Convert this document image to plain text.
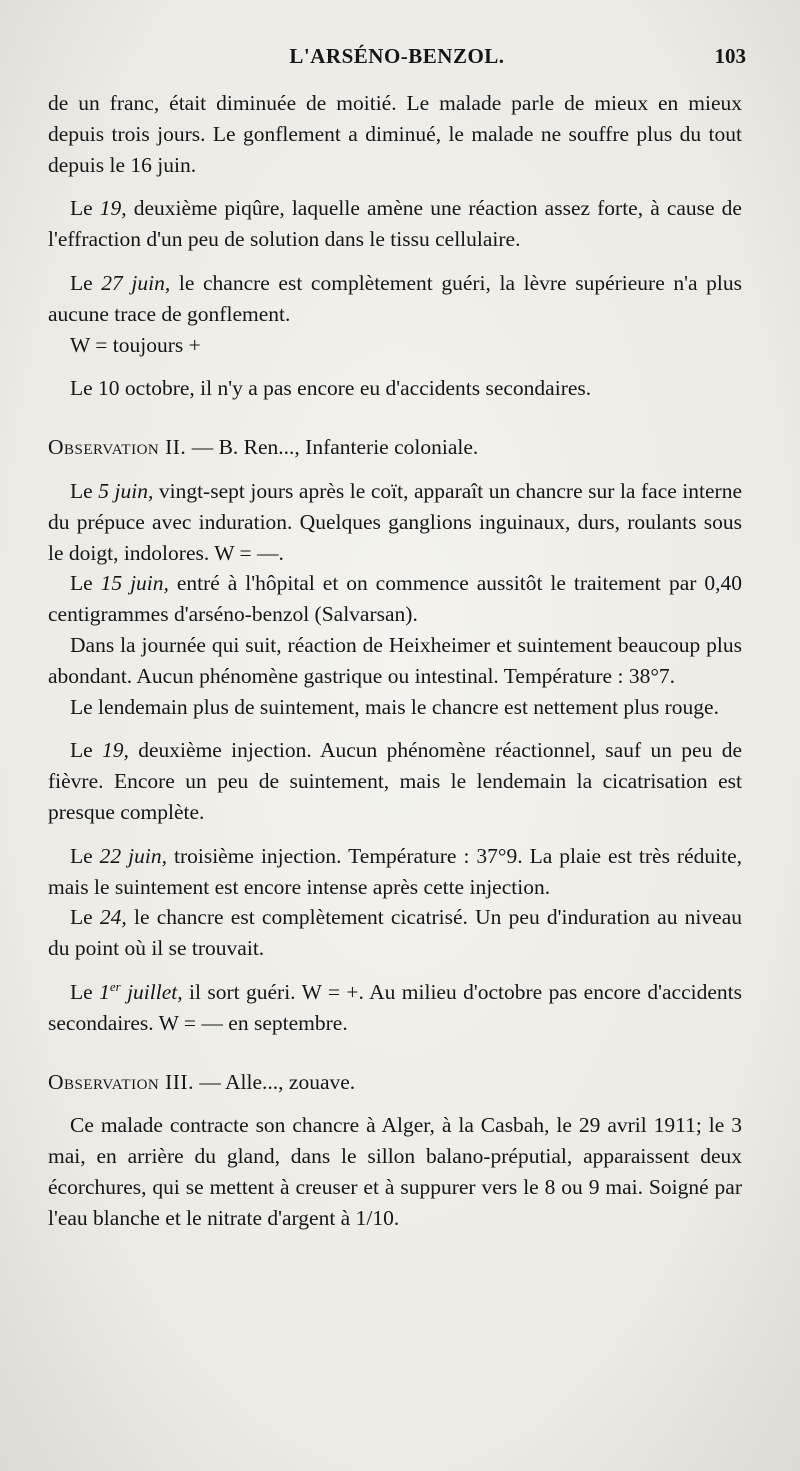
L'ARSÉNO-BENZOL.	103

de un franc, était diminuée de moitié. Le malade parle de mieux en mieux depuis trois jours. Le gonflement a diminué, le malade ne souffre plus du tout depuis le 16 juin.

Le 19, deuxième piqûre, laquelle amène une réaction assez forte, à cause de l'effraction d'un peu de solution dans le tissu cellulaire.

Le 27 juin, le chancre est complètement guéri, la lèvre supérieure n'a plus aucune trace de gonflement.

W = toujours +

Le 10 octobre, il n'y a pas encore eu d'accidents secondaires.

Observation II. — B. Ren..., Infanterie coloniale.

Le 5 juin, vingt-sept jours après le coït, apparaît un chancre sur la face interne du prépuce avec induration. Quelques ganglions inguinaux, durs, roulants sous le doigt, indolores. W = —.

Le 15 juin, entré à l'hôpital et on commence aussitôt le traitement par 0,40 centigrammes d'arséno-benzol (Salvarsan).

Dans la journée qui suit, réaction de Heixheimer et suintement beaucoup plus abondant. Aucun phénomène gastrique ou intestinal. Température : 38°7.

Le lendemain plus de suintement, mais le chancre est nettement plus rouge.

Le 19, deuxième injection. Aucun phénomène réactionnel, sauf un peu de fièvre. Encore un peu de suintement, mais le lendemain la cicatrisation est presque complète.

Le 22 juin, troisième injection. Température : 37°9. La plaie est très réduite, mais le suintement est encore intense après cette injection.

Le 24, le chancre est complètement cicatrisé. Un peu d'induration au niveau du point où il se trouvait.

Le 1er juillet, il sort guéri. W = +. Au milieu d'octobre pas encore d'accidents secondaires. W = — en septembre.

Observation III. — Alle..., zouave.

Ce malade contracte son chancre à Alger, à la Casbah, le 29 avril 1911; le 3 mai, en arrière du gland, dans le sillon balano-préputial, apparaissent deux écorchures, qui se mettent à creuser et à suppurer vers le 8 ou 9 mai. Soigné par l'eau blanche et le nitrate d'argent à 1/10.
